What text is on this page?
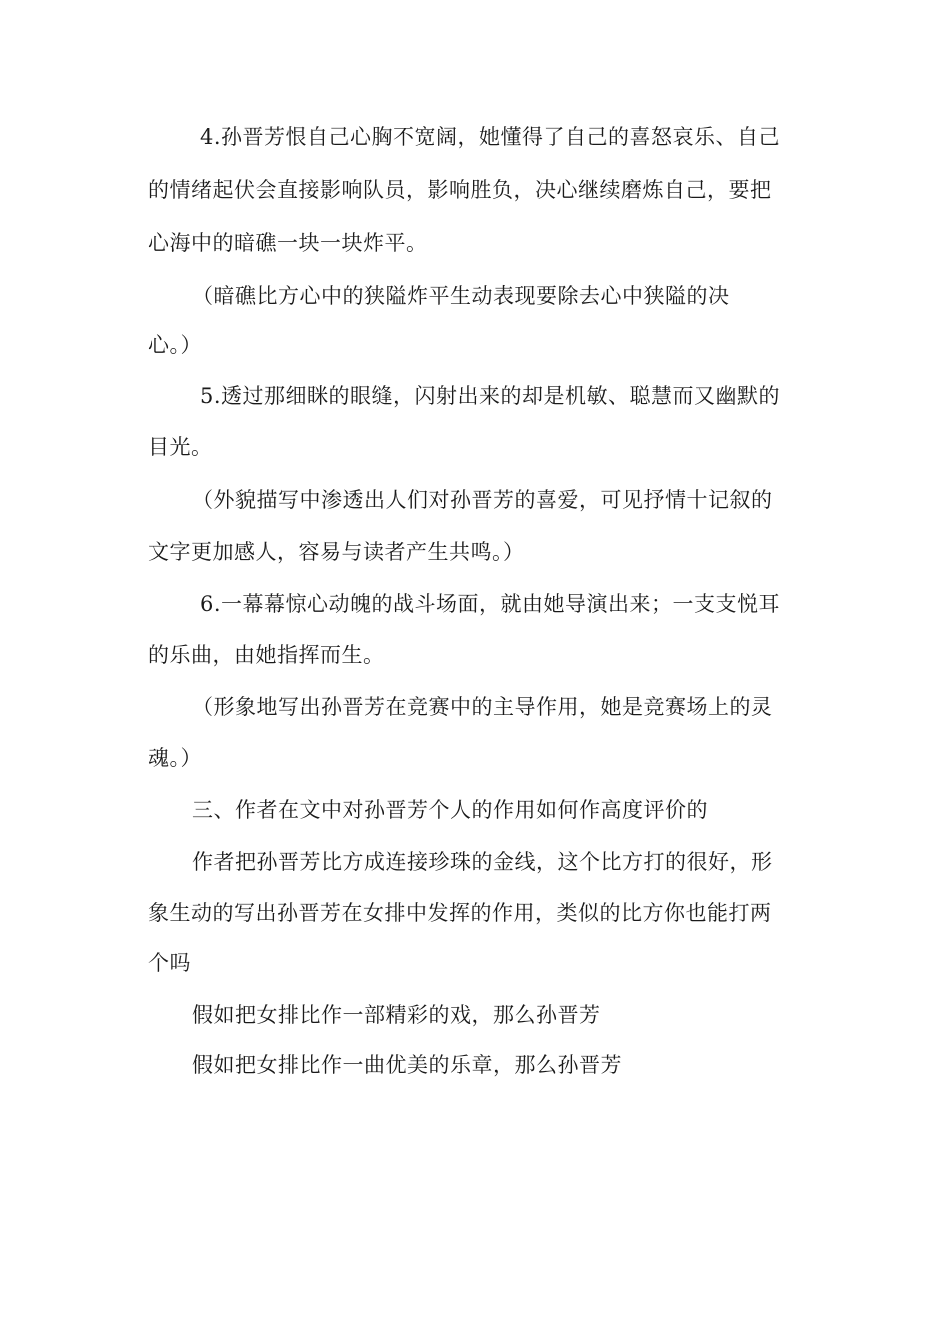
4.孙晋芳恨自己心胸不宽阔，她懂得了自己的喜怒哀乐、自己
的情绪起伏会直接影响队员，影响胜负，决心继续磨炼自己，要把
心海中的暗礁一块一块炸平。
（暗礁比方心中的狭隘炸平生动表现要除去心中狭隘的决
心。）
5.透过那细眯的眼缝，闪射出来的却是机敏、聪慧而又幽默的
目光。
（外貌描写中渗透出人们对孙晋芳的喜爱，可见抒情十记叙的
文字更加感人，容易与读者产生共鸣。）
6.一幕幕惊心动魄的战斗场面，就由她导演出来；一支支悦耳
的乐曲，由她指挥而生。
（形象地写出孙晋芳在竞赛中的主导作用，她是竞赛场上的灵
魂。）
三、作者在文中对孙晋芳个人的作用如何作高度评价的
作者把孙晋芳比方成连接珍珠的金线，这个比方打的很好，形
象生动的写出孙晋芳在女排中发挥的作用，类似的比方你也能打两
个吗
假如把女排比作一部精彩的戏，那么孙晋芳
假如把女排比作一曲优美的乐章，那么孙晋芳
